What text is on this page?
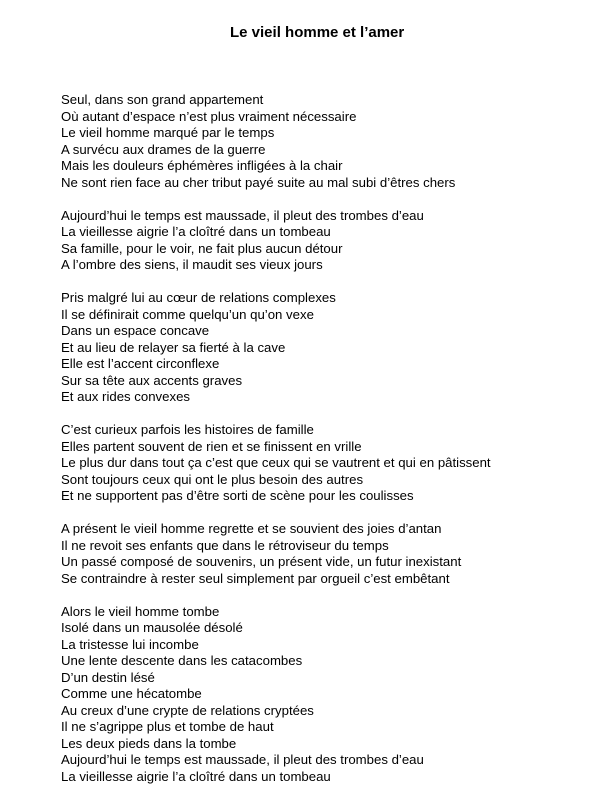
Le vieil homme et l’amer
Seul, dans son grand appartement
Où autant d’espace n’est plus vraiment nécessaire
Le vieil homme marqué par le temps
A survécu aux drames de la guerre
Mais les douleurs éphémères infligées à la chair
Ne sont rien face au cher tribut payé suite au mal subi d’êtres chers
Aujourd’hui le temps est maussade, il pleut des trombes d’eau
La vieillesse aigrie l’a cloîtré dans un tombeau
Sa famille, pour le voir, ne fait plus aucun détour
A l’ombre des siens, il maudit ses vieux jours
Pris malgré lui au cœur de relations complexes
Il se définirait comme quelqu’un qu’on vexe
Dans un espace concave
Et au lieu de relayer sa fierté à la cave
Elle est l’accent circonflexe
Sur sa tête aux accents graves
Et aux rides convexes
C’est curieux parfois les histoires de famille
Elles partent souvent de rien et se finissent en vrille
Le plus dur dans tout ça c’est que ceux qui se vautrent et qui en pâtissent
Sont toujours ceux qui ont le plus besoin des autres
Et ne supportent pas d’être sorti de scène pour les coulisses
A présent le vieil homme regrette et se souvient des joies d’antan
Il ne revoit ses enfants que dans le rétroviseur du temps
Un passé composé de souvenirs, un présent vide, un futur inexistant
Se contraindre à rester seul simplement par orgueil c’est embêtant
Alors le vieil homme tombe
Isolé dans un mausolée désolé
La tristesse lui incombe
Une lente descente dans les catacombes
D’un destin lésé
Comme une hécatombe
Au creux d’une crypte de relations cryptées
Il ne s’agrippe plus et tombe de haut
Les deux pieds dans la tombe
Aujourd’hui le temps est maussade, il pleut des trombes d’eau
La vieillesse aigrie l’a cloîtré dans un tombeau
